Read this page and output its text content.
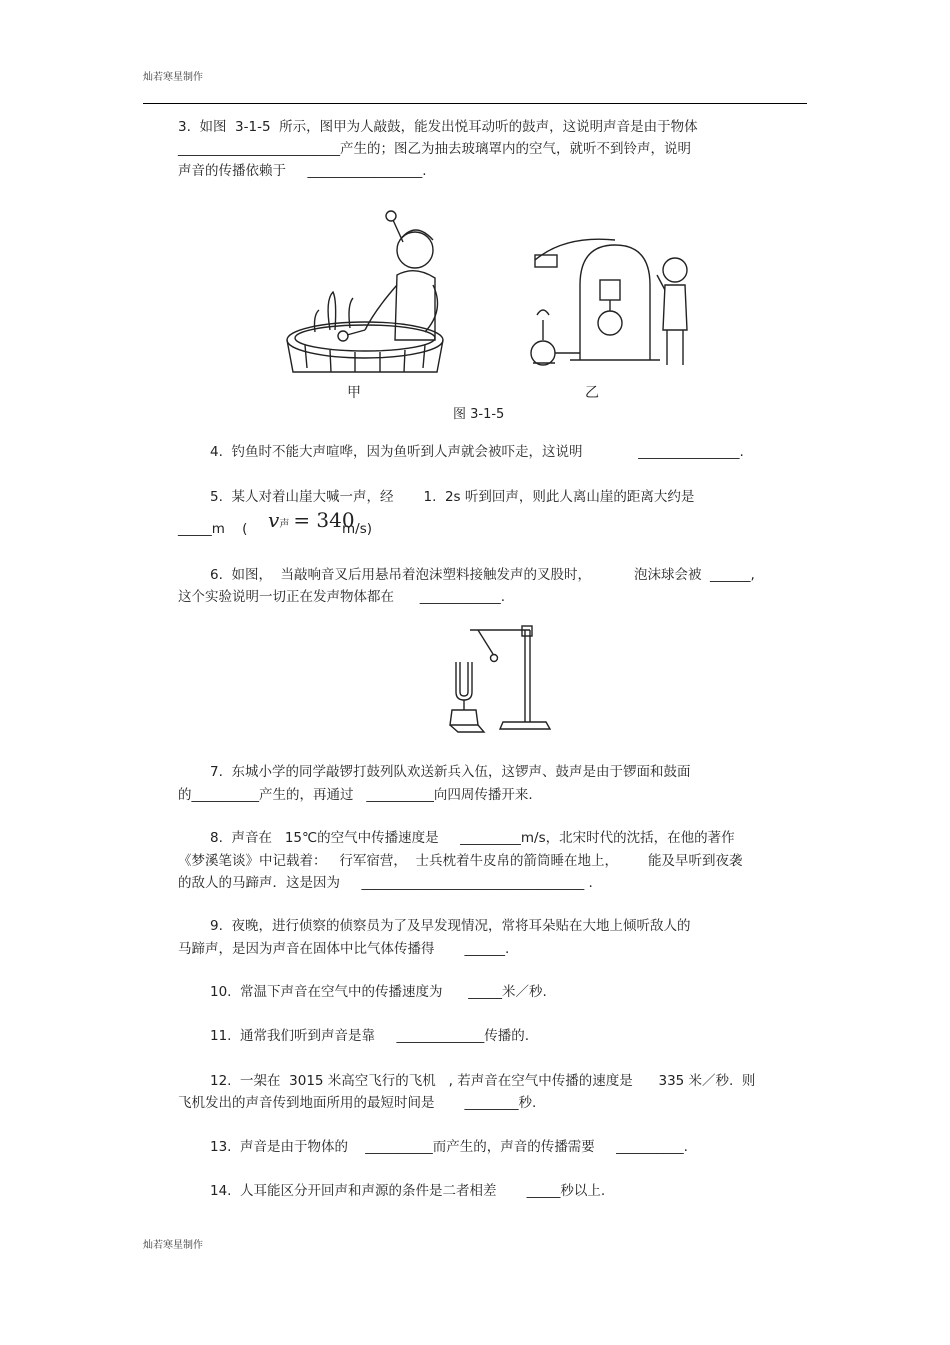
灿若寒星制作
3.  如图  3-1-5  所示，图甲为人敲鼓，能发出悦耳动听的鼓声，这说明声音是由于物体
________________________产生的；图乙为抽去玻璃罩内的空气，就听不到铃声，说明
声音的传播依赖于     _________________.
甲	乙
图 3-1-5
4.  钓鱼时不能大声喧哗，因为鱼听到人声就会被吓走，这说明             _______________.
5.  某人对着山崖大喊一声，经       1.  2s 听到回声，则此人离山崖的距离大约是
_____m    ( v声 = 340
m/s)
6.  如图，  当敲响音叉后用悬吊着泡沫塑料接触发声的叉股时，          泡沫球会被  ______,
这个实验说明一切正在发声物体都在      ____________.
7.  东城小学的同学敲锣打鼓列队欢送新兵入伍，这锣声、鼓声是由于锣面和鼓面
的__________产生的，再通过   __________向四周传播开来.
8.  声音在   15℃的空气中传播速度是     _________m/s，北宋时代的沈括，在他的著作
《梦溪笔谈》中记载着：   行军宿营，  士兵枕着牛皮帛的箭筒睡在地上，       能及早听到夜袭
的敌人的马蹄声．这是因为     _________________________________ .
9.  夜晚，进行侦察的侦察员为了及早发现情况，常将耳朵贴在大地上倾听敌人的
马蹄声，是因为声音在固体中比气体传播得       ______.
10.  常温下声音在空气中的传播速度为      _____米／秒.
11.  通常我们听到声音是靠     _____________传播的.
12.  一架在  3015 米高空飞行的飞机   , 若声音在空气中传播的速度是      335 米／秒.  则
飞机发出的声音传到地面所用的最短时间是       ________秒.
13.  声音是由于物体的    __________而产生的，声音的传播需要     __________.
14.  人耳能区分开回声和声源的条件是二者相差       _____秒以上.
灿若寒星制作
